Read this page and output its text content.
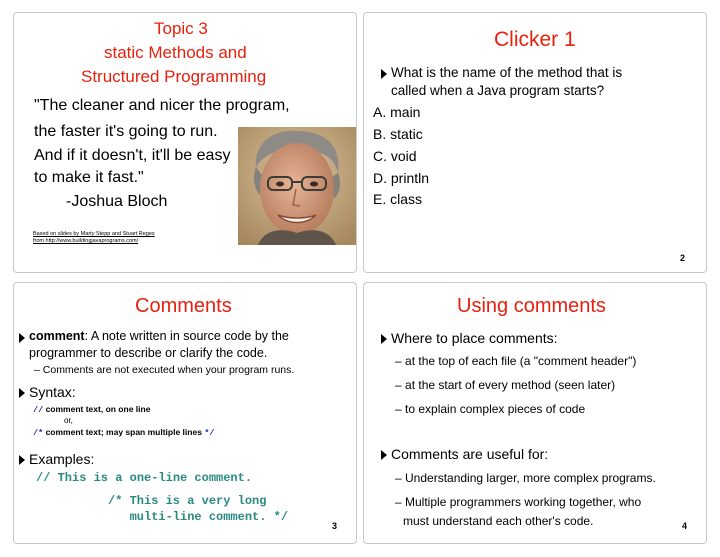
Topic 3
static Methods and
Structured Programming
"The cleaner and nicer the program,
the faster it's going to run.
And if it doesn't, it'll be easy
to make it fast."
-Joshua Bloch
Based on slides by Marty Stepp and Stuart Reges
from http://www.buildingjavaprograms.com/
Clicker 1
What is the name of the method that is
called when a Java program starts?
A. main
B. static
C. void
D. println
E. class
2
Comments
comment: A note written in source code by the
programmer to describe or clarify the code.
– Comments are not executed when your program runs.
Syntax:
// comment text, on one line
or,
/* comment text; may span multiple lines */
Examples:
// This is a one-line comment.
/* This is a very long
multi-line comment. */
3
Using comments
Where to place comments:
– at the top of each file (a "comment header")
– at the start of every method (seen later)
– to explain complex pieces of code
Comments are useful for:
– Understanding larger, more complex programs.
– Multiple programmers working together, who
must understand each other's code.	4
